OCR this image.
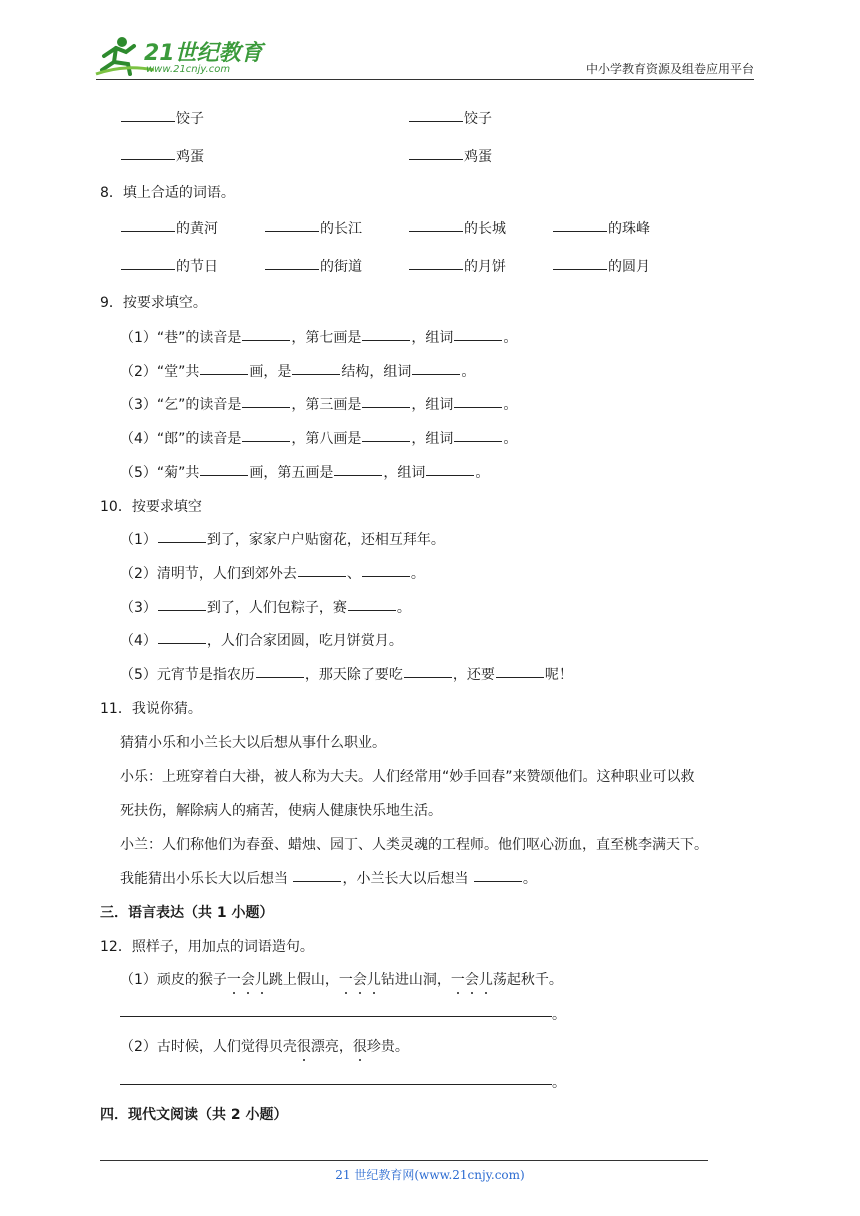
21世纪教育
www.21cnjy.com	中小学教育资源及组卷应用平台
饺子	饺子
鸡蛋	鸡蛋
8．填上合适的词语。
的黄河	的长江	的长城	的珠峰
的节日	的街道	的月饼	的圆月
9．按要求填空。
（1）“巷”的读音是	，第七画是	，组词	。
（2）“堂”共	画，是	结构，组词	。
（3）“乞”的读音是	，第三画是	，组词	。
（4）“郎”的读音是	，第八画是	，组词	。
（5）“菊”共	画，第五画是	，组词	。
10．按要求填空
（1）	到了，家家户户贴窗花，还相互拜年。
（2）清明节，人们到郊外去	、	。
（3）	到了，人们包粽子，赛	。
（4）	，人们合家团圆，吃月饼赏月。
（5）元宵节是指农历	，那天除了要吃	，还要	呢！
11．我说你猜。
猜猜小乐和小兰长大以后想从事什么职业。
小乐：上班穿着白大褂，被人称为大夫。人们经常用“妙手回春”来赞颂他们。这种职业可以救
死扶伤，解除病人的痛苦，使病人健康快乐地生活。
小兰：人们称他们为春蚕、蜡烛、园丁、人类灵魂的工程师。他们呕心沥血，直至桃李满天下。
我能猜出小乐长大以后想当	，小兰长大以后想当	。
三．语言表达（共 1 小题）
12．照样子，用加点的词语造句。
（1）顽皮的猴子一会儿跳上假山，一会儿钻进山洞，一会儿荡起秋千。
。
（2）古时候，人们觉得贝壳很漂亮，很珍贵。
。
四．现代文阅读（共 2 小题）
21 世纪教育网(www.21cnjy.com)
